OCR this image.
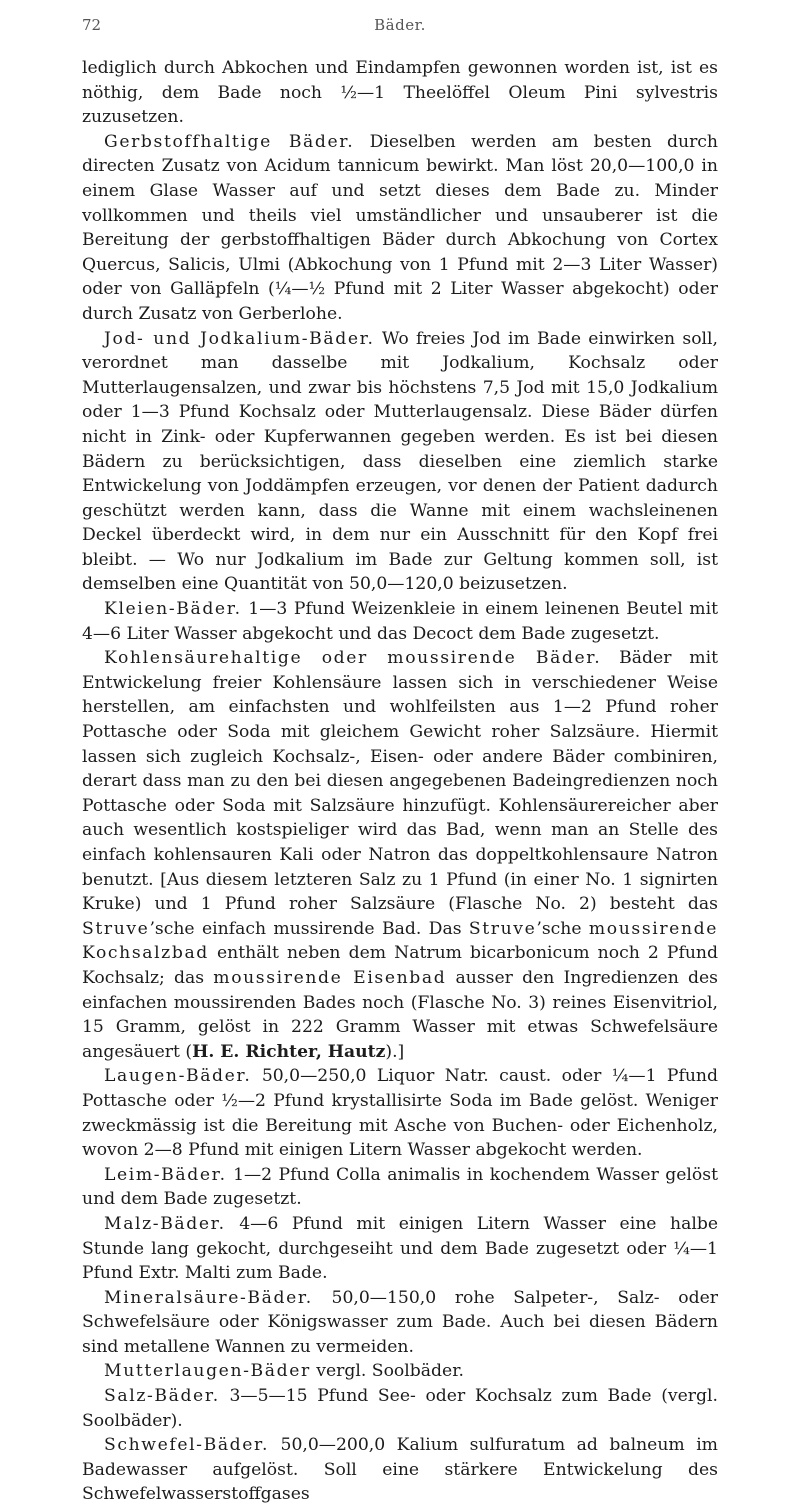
72	Bäder.

lediglich durch Abkochen und Eindampfen gewonnen worden ist, ist es nöthig, dem Bade noch ½—1 Theelöffel Oleum Pini sylvestris zuzusetzen.

Gerbstoffhaltige Bäder. Dieselben werden am besten durch directen Zusatz von Acidum tannicum bewirkt. Man löst 20,0—100,0 in einem Glase Wasser auf und setzt dieses dem Bade zu. Minder vollkommen und theils viel umständlicher und unsauberer ist die Bereitung der gerbstoffhaltigen Bäder durch Abkochung von Cortex Quercus, Salicis, Ulmi (Abkochung von 1 Pfund mit 2—3 Liter Wasser) oder von Galläpfeln (¼—½ Pfund mit 2 Liter Wasser abgekocht) oder durch Zusatz von Gerberlohe.

Jod- und Jodkalium-Bäder. Wo freies Jod im Bade einwirken soll, verordnet man dasselbe mit Jodkalium, Kochsalz oder Mutterlaugensalzen, und zwar bis höchstens 7,5 Jod mit 15,0 Jodkalium oder 1—3 Pfund Kochsalz oder Mutterlaugensalz. Diese Bäder dürfen nicht in Zink- oder Kupferwannen gegeben werden. Es ist bei diesen Bädern zu berücksichtigen, dass dieselben eine ziemlich starke Entwickelung von Joddämpfen erzeugen, vor denen der Patient dadurch geschützt werden kann, dass die Wanne mit einem wachsleinenen Deckel überdeckt wird, in dem nur ein Ausschnitt für den Kopf frei bleibt. — Wo nur Jodkalium im Bade zur Geltung kommen soll, ist demselben eine Quantität von 50,0—120,0 beizusetzen.

Kleien-Bäder. 1—3 Pfund Weizenkleie in einem leinenen Beutel mit 4—6 Liter Wasser abgekocht und das Decoct dem Bade zugesetzt.

Kohlensäurehaltige oder moussirende Bäder. Bäder mit Entwickelung freier Kohlensäure lassen sich in verschiedener Weise herstellen, am einfachsten und wohlfeilsten aus 1—2 Pfund roher Pottasche oder Soda mit gleichem Gewicht roher Salzsäure. Hiermit lassen sich zugleich Kochsalz-, Eisen- oder andere Bäder combiniren, derart dass man zu den bei diesen angegebenen Badeingredienzen noch Pottasche oder Soda mit Salzsäure hinzufügt. Kohlensäurereicher aber auch wesentlich kostspieliger wird das Bad, wenn man an Stelle des einfach kohlensauren Kali oder Natron das doppeltkohlensaure Natron benutzt. [Aus diesem letzteren Salz zu 1 Pfund (in einer No. 1 signirten Kruke) und 1 Pfund roher Salzsäure (Flasche No. 2) besteht das Struve’sche einfach mussirende Bad. Das Struve’sche moussirende Kochsalzbad enthält neben dem Natrum bicarbonicum noch 2 Pfund Kochsalz; das moussirende Eisenbad ausser den Ingredienzen des einfachen moussirenden Bades noch (Flasche No. 3) reines Eisenvitriol, 15 Gramm, gelöst in 222 Gramm Wasser mit etwas Schwefelsäure angesäuert (H. E. Richter, Hautz).]

Laugen-Bäder. 50,0—250,0 Liquor Natr. caust. oder ¼—1 Pfund Pottasche oder ½—2 Pfund krystallisirte Soda im Bade gelöst. Weniger zweckmässig ist die Bereitung mit Asche von Buchen- oder Eichenholz, wovon 2—8 Pfund mit einigen Litern Wasser abgekocht werden.

Leim-Bäder. 1—2 Pfund Colla animalis in kochendem Wasser gelöst und dem Bade zugesetzt.

Malz-Bäder. 4—6 Pfund mit einigen Litern Wasser eine halbe Stunde lang gekocht, durchgeseiht und dem Bade zugesetzt oder ¼—1 Pfund Extr. Malti zum Bade.

Mineralsäure-Bäder. 50,0—150,0 rohe Salpeter-, Salz- oder Schwefelsäure oder Königswasser zum Bade. Auch bei diesen Bädern sind metallene Wannen zu vermeiden.

Mutterlaugen-Bäder vergl. Soolbäder.

Salz-Bäder. 3—5—15 Pfund See- oder Kochsalz zum Bade (vergl. Soolbäder).

Schwefel-Bäder. 50,0—200,0 Kalium sulfuratum ad balneum im Badewasser aufgelöst. Soll eine stärkere Entwickelung des Schwefelwasserstoffgases
